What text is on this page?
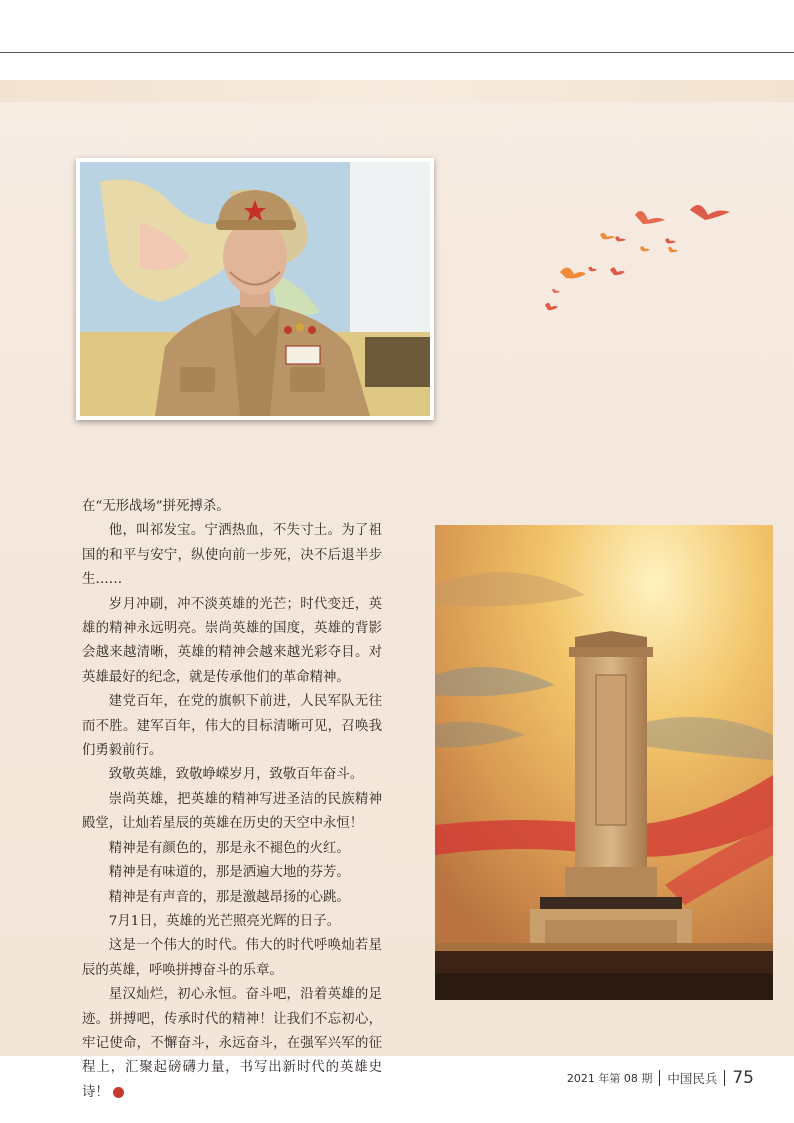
在“无形战场”拼死搏杀。

他，叫祁发宝。宁洒热血，不失寸土。为了祖国的和平与安宁，纵使向前一步死，决不后退半步生……

岁月冲刷，冲不淡英雄的光芒；时代变迁，英雄的精神永远明亮。崇尚英雄的国度，英雄的背影会越来越清晰，英雄的精神会越来越光彩夺目。对英雄最好的纪念，就是传承他们的革命精神。

建党百年，在党的旗帜下前进，人民军队无往而不胜。建军百年，伟大的目标清晰可见，召唤我们勇毅前行。

致敬英雄，致敬峥嵘岁月，致敬百年奋斗。

崇尚英雄，把英雄的精神写进圣洁的民族精神殿堂，让灿若星辰的英雄在历史的天空中永恒！

精神是有颜色的，那是永不褪色的火红。

精神是有味道的，那是洒遍大地的芬芳。

精神是有声音的，那是激越昂扬的心跳。

7月1日，英雄的光芒照亮光辉的日子。

这是一个伟大的时代。伟大的时代呼唤灿若星辰的英雄，呼唤拼搏奋斗的乐章。

星汉灿烂，初心永恒。奋斗吧，沿着英雄的足迹。拼搏吧，传承时代的精神！让我们不忘初心，牢记使命，不懈奋斗，永远奋斗，在强军兴军的征程上，汇聚起磅礴力量，书写出新时代的英雄史诗！	✦

2021 年第 08 期 中国民兵 75
